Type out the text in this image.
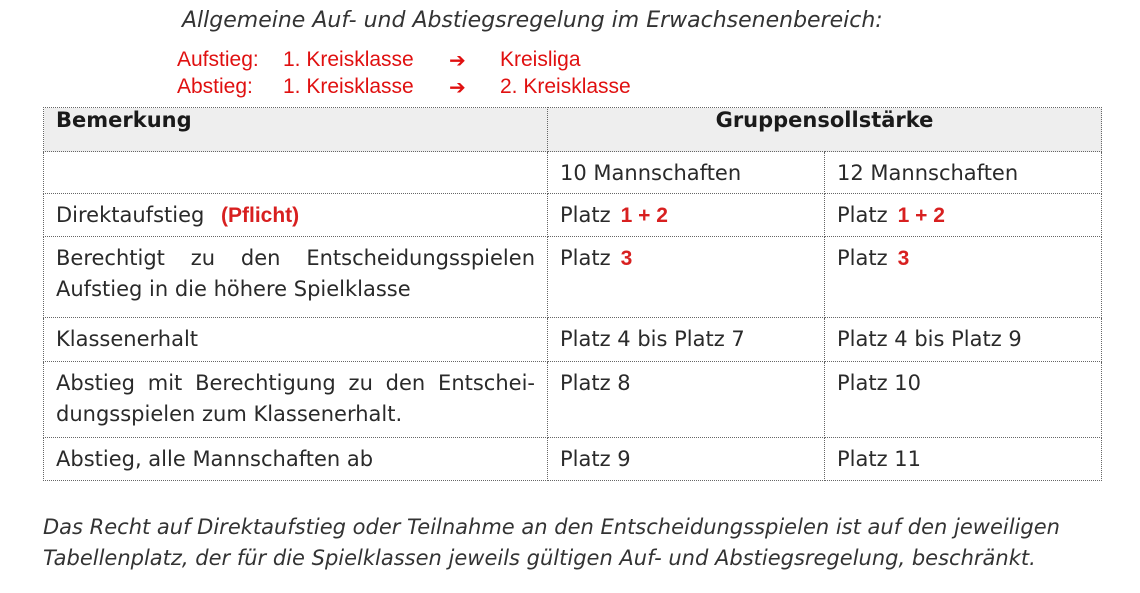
Allgemeine Auf- und Abstiegsregelung im Erwachsenenbereich:
Aufstieg: 1. Kreisklasse ➔ Kreisliga
Abstieg: 1. Kreisklasse ➔ 2. Kreisklasse
Bemerkung	Gruppensollstärke	
	10 Mannschaften	12 Mannschaften
Direktaufstieg (Pflicht)	Platz 1 + 2	Platz 1 + 2
Berechtigt zu den Entscheidungsspielen Aufstieg in die höhere Spielklasse	Platz 3	Platz 3
Klassenerhalt	Platz 4 bis Platz 7	Platz 4 bis Platz 9
Abstieg mit Berechtigung zu den Entschei-dungsspielen zum Klassenerhalt.	Platz 8	Platz 10
Abstieg, alle Mannschaften ab	Platz 9	Platz 11
Das Recht auf Direktaufstieg oder Teilnahme an den Entscheidungsspielen ist auf den jeweiligen Tabellenplatz, der für die Spielklassen jeweils gültigen Auf- und Abstiegsregelung, beschränkt.
